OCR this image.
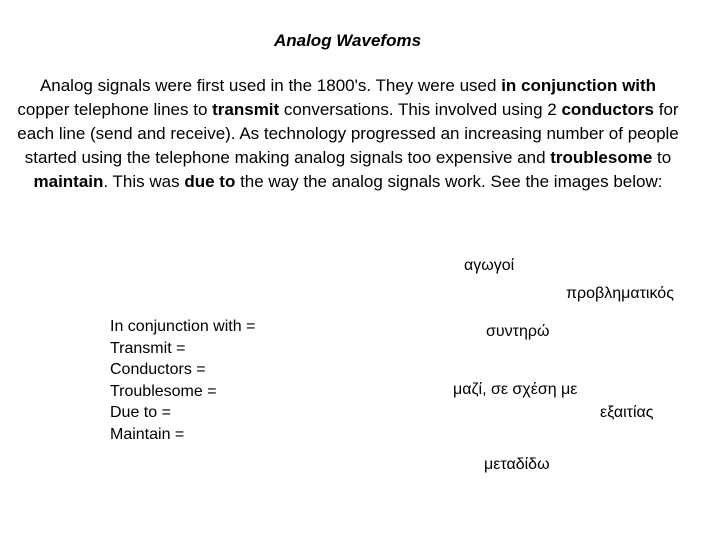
Analog Wavefoms
Analog signals were first used in the 1800's. They were used in conjunction with copper telephone lines to transmit conversations. This involved using 2 conductors for each line (send and receive). As technology progressed an increasing number of people started using the telephone making analog signals too expensive and troublesome to maintain. This was due to the way the analog signals work. See the images below:
In conjunction with =
Transmit =
Conductors =
Troublesome =
Due to =
Maintain =
αγωγοί
προβληματικός
συντηρώ
μαζί, σε σχέση με
εξαιτίας
μεταδίδω
